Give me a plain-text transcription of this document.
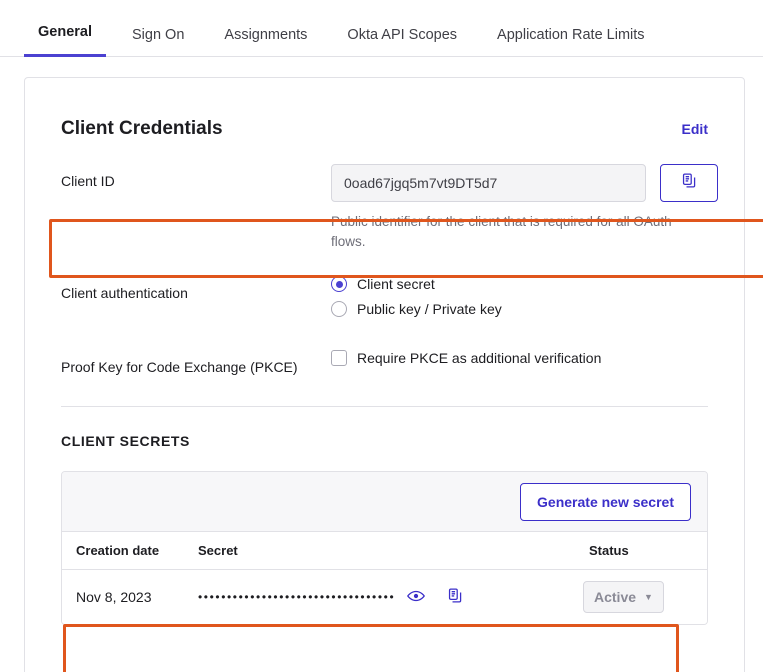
General	Sign On	Assignments	Okta API Scopes	Application Rate Limits
Client Credentials	Edit
Client ID	0oad67jgq5m7vt9DT5d7
Public identifier for the client that is required for all OAuth flows.
Client authentication
Client secret
Public key / Private key
Proof Key for Code Exchange (PKCE)
Require PKCE as additional verification
CLIENT SECRETS
Generate new secret
Creation date	Secret	Status
Nov 8, 2023	••••••••••••••••••••••••••••••••••	Active ▼
